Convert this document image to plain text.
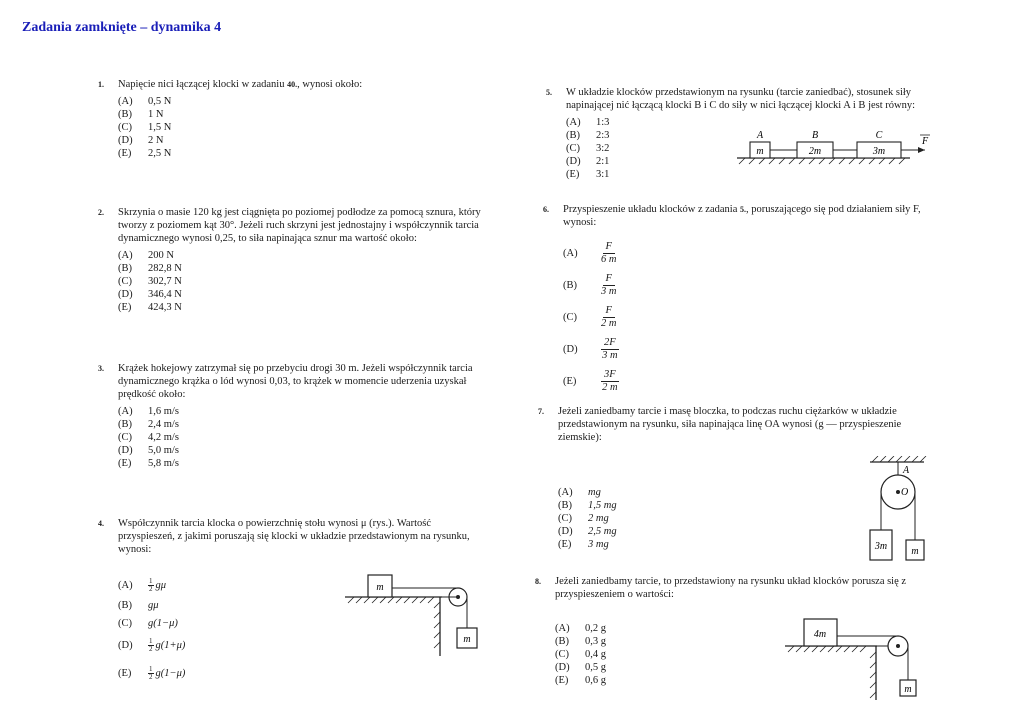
Zadania zamknięte – dynamika 4
1. Napięcie nici łączącej klocki w zadaniu 40., wynosi około:
(A) 0,5 N
(B) 1 N
(C) 1,5 N
(D) 2 N
(E) 2,5 N
2. Skrzynia o masie 120 kg jest ciągnięta po poziomej podłodze za pomocą sznura, który tworzy z poziomem kąt 30°. Jeżeli ruch skrzyni jest jednostajny i współczynnik tarcia dynamicznego wynosi 0,25, to siła napinająca sznur ma wartość około:
(A) 200 N
(B) 282,8 N
(C) 302,7 N
(D) 346,4 N
(E) 424,3 N
3. Krążek hokejowy zatrzymał się po przebyciu drogi 30 m. Jeżeli współczynnik tarcia dynamicznego krążka o lód wynosi 0,03, to krążek w momencie uderzenia uzyskał prędkość około:
(A) 1,6 m/s
(B) 2,4 m/s
(C) 4,2 m/s
(D) 5,0 m/s
(E) 5,8 m/s
4. Współczynnik tarcia klocka o powierzchnię stołu wynosi μ (rys.). Wartość przyspieszeń, z jakimi poruszają się klocki w układzie przedstawionym na rysunku, wynosi:
$(A) \frac{1}{2}$ gμ
(B) gμ
(C) g(1−μ)
$(D) \frac{1}{2} g(1+\mu)$
$(E) \frac{1}{2} g(1-\mu)$
m
m
5. W układzie klocków przedstawionym na rysunku (tarcie zaniedbać), stosunek siły napinającej nić łączącą klocki B i C do siły w nici łączącej klocki A i B jest równy:
(A) 1:3
(B) 2:3
(C) 3:2
(D) 2:1
(E) 3:1
A	B	C
m	2m	3m
F
6. Przyspieszenie układu klocków z zadania 5., poruszającego się pod działaniem siły F, wynosi:
(A)	$\frac{F}{6 m}$
(B)	$\frac{F}{3 m}$
(C)	$\frac{F}{2 m}$
(D)	$\frac{2F}{3 m}$
(E)	$\frac{3F}{2 m}$
7. Jeżeli zaniedbamy tarcie i masę bloczka, to podczas ruchu ciężarków w układzie przedstawionym na rysunku, siła napinająca linę OA wynosi (g — przyspieszenie ziemskie):
(A) mg
(B) 1,5 mg
(C) 2 mg
(D) 2,5 mg
(E) 3 mg
A
O
3m m
8. Jeżeli zaniedbamy tarcie, to przedstawiony na rysunku układ klocków porusza się z przyspieszeniem o wartości:
(A) 0,2 g
(B) 0,3 g
(C) 0,4 g
(D) 0,5 g
(E) 0,6 g
4m
m
